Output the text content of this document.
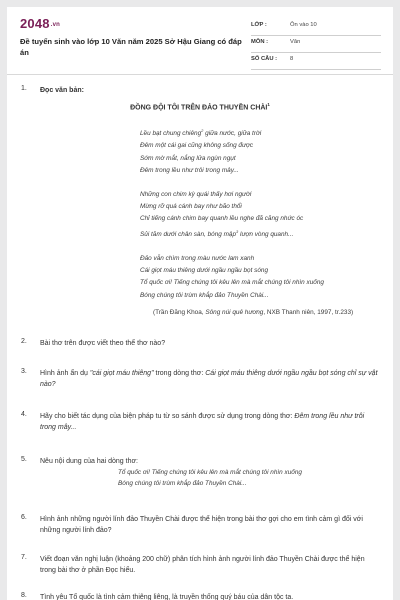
2048.vn
Đề tuyển sinh vào lớp 10 Văn năm 2025 Sở Hậu Giang có đáp án
LỚP :	Ôn vào 10
MÔN :	Văn
SỐ CÂU : 8
1. Đọc văn bản:
ĐỒNG ĐỘI TÔI TRÊN ĐẢO THUYỀN CHÀI$^1$
Lều bạt chung chiêng$^2$ giữa nước, giữa trời
Đêm một cái gai cũng không sống được
Sớm mờ mắt, nắng lửa ngùn ngụt
Đêm trong lều như trôi trong mây...
Những con chim kỳ quái thấy hơi người
Mừng rỡ quá cánh bay như bão thổi
Chỉ tiếng cánh chim bay quanh lều nghe đã căng nhức óc
Sủi tăm dưới chân sàn, bóng mập$^3$ lượn vòng quanh...
Đảo vẫn chìm trong màu nước lam xanh
Cái giọt máu thiêng dưới ngầu ngầu bọt sóng
Tổ quốc ơi! Tiếng chúng tôi kêu lên mà mắt chúng tôi nhìn xuống
Bóng chúng tôi trùm khắp đảo Thuyền Chài...
(Trần Đăng Khoa, Sông núi quê hương, NXB Thanh niên, 1997, tr.233)
2. Bài thơ trên được viết theo thể thơ nào?
3. Hình ảnh ẩn dụ "cái giọt máu thiêng" trong dòng thơ: Cái giọt máu thiêng dưới ngầu ngầu bọt sóng chỉ sự vật nào?
4. Hãy cho biết tác dụng của biện pháp tu từ so sánh được sử dụng trong dòng thơ: Đêm trong lều như trôi trong mây...
5. Nêu nội dung của hai dòng thơ:
Tổ quốc ơi! Tiếng chúng tôi kêu lên mà mắt chúng tôi nhìn xuống
Bóng chúng tôi trùm khắp đảo Thuyền Chài...
6. Hình ảnh những người lính đảo Thuyền Chài được thể hiện trong bài thơ gợi cho em tình cảm gì đối với những người lính đảo?
7. Viết đoạn văn nghị luận (khoảng 200 chữ) phân tích hình ảnh người lính đảo Thuyền Chài được thể hiện trong bài thơ ở phần Đọc hiểu.
8. Tình yêu Tổ quốc là tình cảm thiêng liêng, là truyền thống quý báu của dân tộc ta.
